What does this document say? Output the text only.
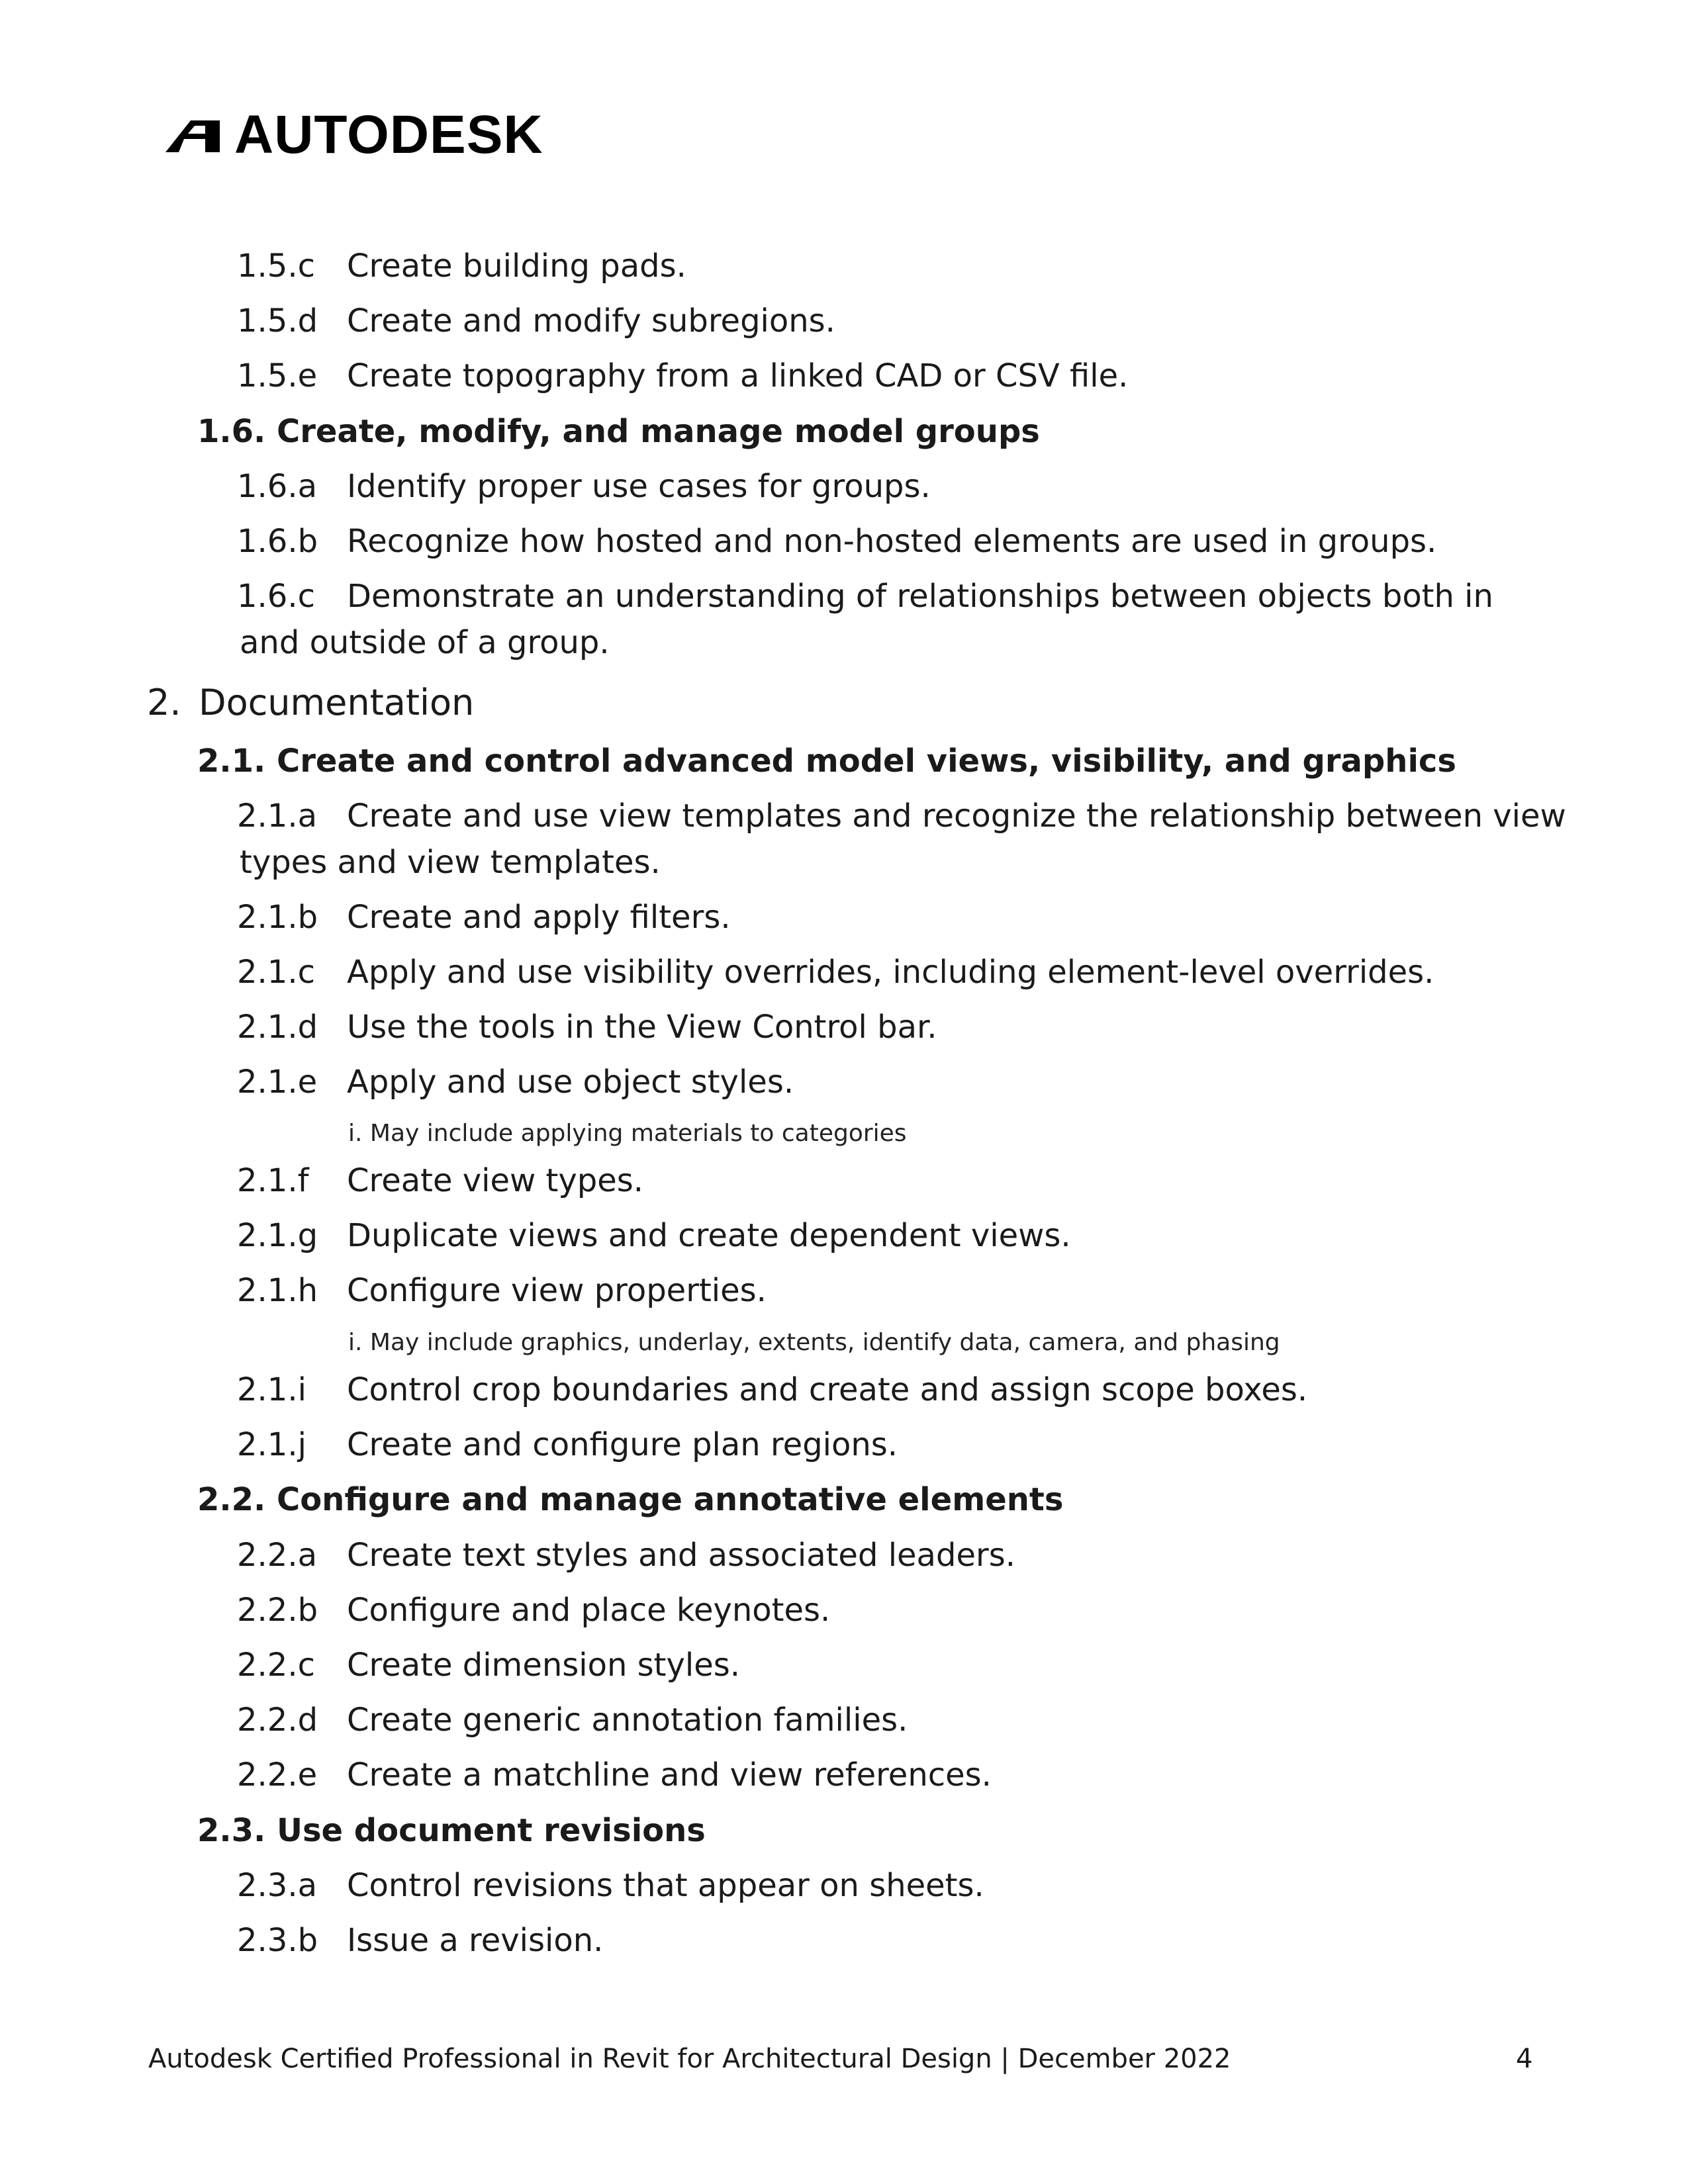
AUTODESK
1.5.c Create building pads.
1.5.d Create and modify subregions.
1.5.e Create topography from a linked CAD or CSV file.
1.6. Create, modify, and manage model groups
1.6.a Identify proper use cases for groups.
1.6.b Recognize how hosted and non-hosted elements are used in groups.
1.6.c Demonstrate an understanding of relationships between objects both in
and outside of a group.
2. Documentation
2.1. Create and control advanced model views, visibility, and graphics
2.1.a Create and use view templates and recognize the relationship between view
types and view templates.
2.1.b Create and apply filters.
2.1.c Apply and use visibility overrides, including element-level overrides.
2.1.d Use the tools in the View Control bar.
2.1.e Apply and use object styles.
i. May include applying materials to categories
2.1.f Create view types.
2.1.g Duplicate views and create dependent views.
2.1.h Configure view properties.
i. May include graphics, underlay, extents, identify data, camera, and phasing
2.1.i Control crop boundaries and create and assign scope boxes.
2.1.j Create and configure plan regions.
2.2. Configure and manage annotative elements
2.2.a Create text styles and associated leaders.
2.2.b Configure and place keynotes.
2.2.c Create dimension styles.
2.2.d Create generic annotation families.
2.2.e Create a matchline and view references.
2.3. Use document revisions
2.3.a Control revisions that appear on sheets.
2.3.b Issue a revision.
Autodesk Certified Professional in Revit for Architectural Design | December 2022	4
